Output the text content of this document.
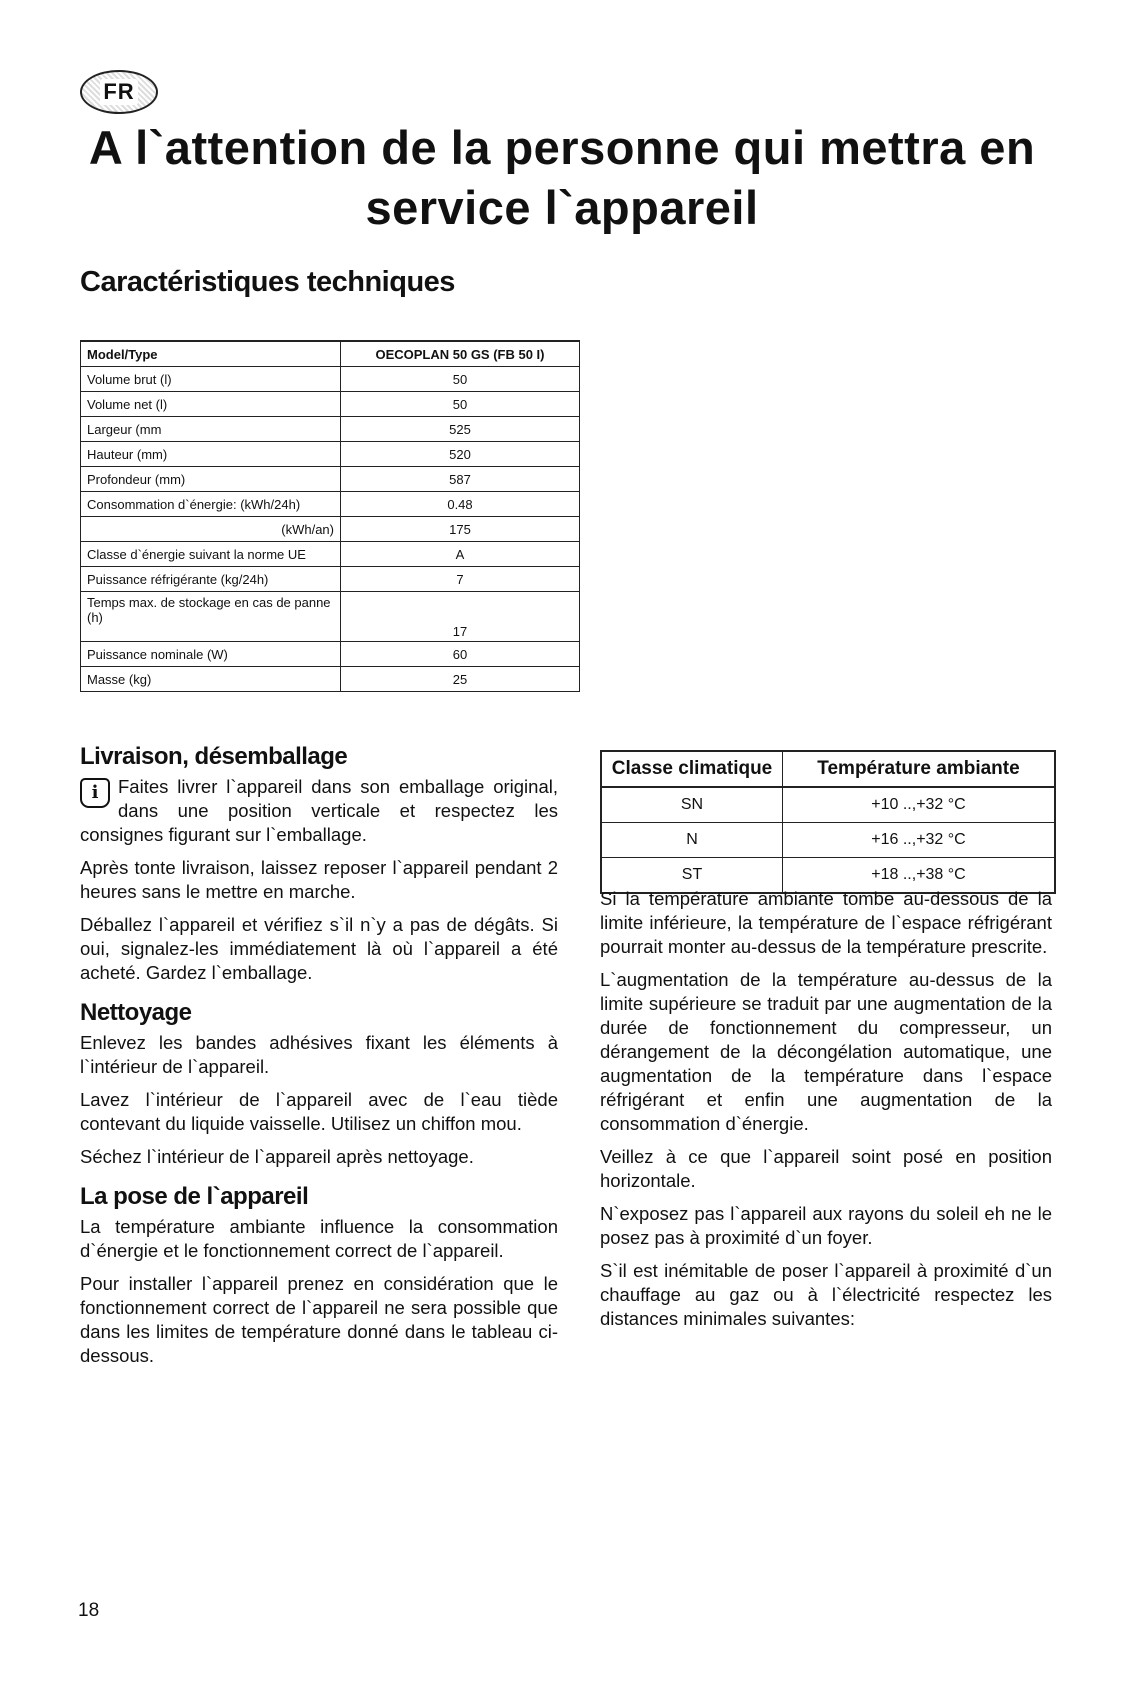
FR
A l`attention de la personne qui mettra en
service l`appareil
Caractéristiques techniques
Model/Type	OECOPLAN 50 GS (FB 50 I)
Volume brut (l)	50
Volume net (l)	50
Largeur (mm	525
Hauteur (mm)	520
Profondeur (mm)	587
Consommation d`énergie: (kWh/24h)	0.48
(kWh/an)	175
Classe d`énergie suivant la norme UE	A
Puissance réfrigérante (kg/24h)	7
Temps max. de stockage en cas de panne (h)	17
Puissance nominale (W)	60
Masse (kg)	25
Livraison, désemballage

i	Faites livrer l`appareil dans son emballage original, dans une position verticale et respectez les consignes figurant sur l`emballage.

Après tonte livraison, laissez reposer l`appareil pendant 2 heures sans le mettre en marche.

Déballez l`appareil et vérifiez s`il n`y a pas de dégâts. Si oui, signalez-les immédiatement là où l`appareil a été acheté. Gardez l`emballage.

Nettoyage

Enlevez les bandes adhésives fixant les éléments à l`intérieur de l`appareil.

Lavez l`intérieur de l`appareil avec de l`eau tiède contevant du liquide vaisselle. Utilisez un chiffon mou.

Séchez l`intérieur de l`appareil après nettoyage.

La pose de l`appareil

La température ambiante influence la consommation d`énergie et le fonctionnement correct de l`appareil.

Pour installer l`appareil prenez en considération que le fonctionnement correct de l`appareil ne sera possible que dans les limites de température donné dans le tableau ci-dessous.

Classe climatique	Température ambiante
SN	+10 ..,+32 °C
N	+16 ..,+32 °C
ST	+18 ..,+38 °C

Si la température ambiante tombe au-dessous de la limite inférieure, la température de l`espace réfrigérant pourrait monter au-dessus de la température prescrite.

L`augmentation de la température au-dessus de la limite supérieure se traduit par une augmentation de la durée de fonctionnement du compresseur, un dérangement de la décongélation automatique, une augmentation de la température dans l`espace réfrigérant et enfin une augmentation de la consommation d`énergie.

Veillez à ce que l`appareil soint posé en position horizontale.

N`exposez pas l`appareil aux rayons du soleil eh ne le posez pas à proximité d`un foyer.

S`il est inémitable de poser l`appareil à proximité d`un chauffage au gaz ou à l`électricité respectez les distances minimales suivantes:

18
